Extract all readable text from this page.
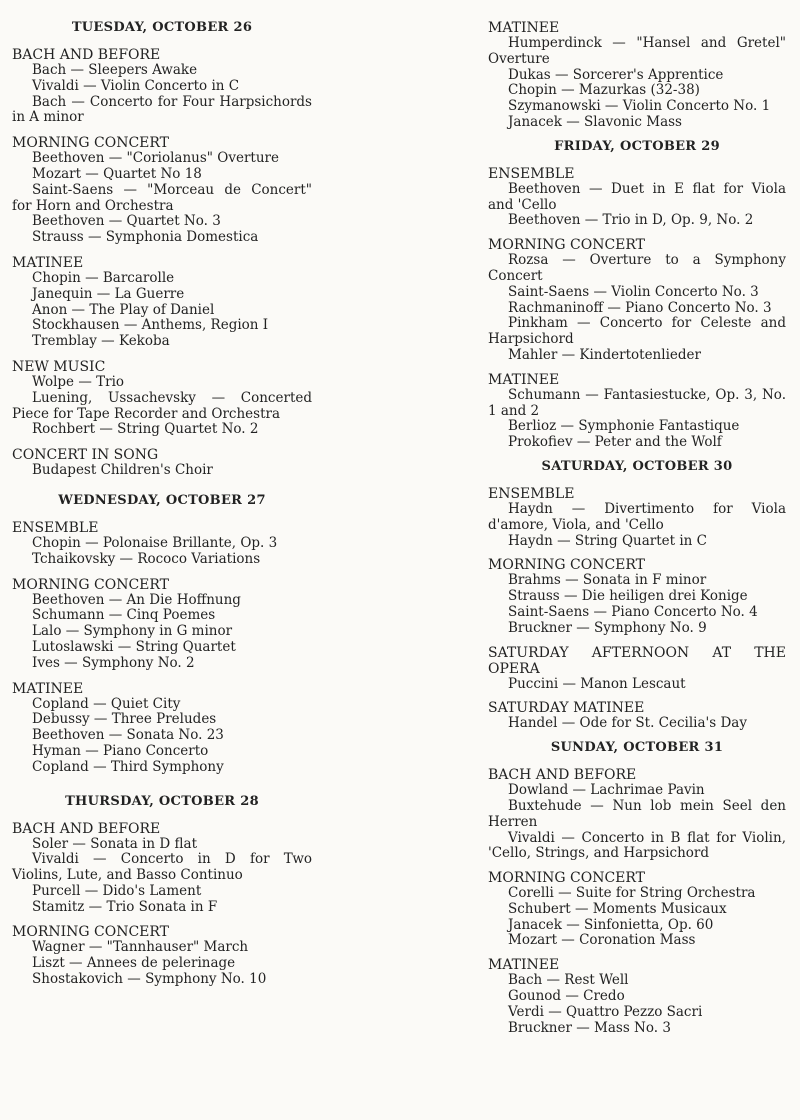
TUESDAY, OCTOBER 26
BACH AND BEFORE
Bach — Sleepers Awake
Vivaldi — Violin Concerto in C
Bach — Concerto for Four Harpsichords
in A minor
MORNING CONCERT
Beethoven — "Coriolanus" Overture
Mozart — Quartet No 18
Saint-Saens — "Morceau de Concert"
for Horn and Orchestra
Beethoven — Quartet No. 3
Strauss — Symphonia Domestica
MATINEE
Chopin — Barcarolle
Janequin — La Guerre
Anon — The Play of Daniel
Stockhausen — Anthems, Region I
Tremblay — Kekoba
NEW MUSIC
Wolpe — Trio
Luening, Ussachevsky — Concerted
Piece for Tape Recorder and Orchestra
Rochbert — String Quartet No. 2
CONCERT IN SONG
Budapest Children's Choir
WEDNESDAY, OCTOBER 27
ENSEMBLE
Chopin — Polonaise Brillante, Op. 3
Tchaikovsky — Rococo Variations
MORNING CONCERT
Beethoven — An Die Hoffnung
Schumann — Cinq Poemes
Lalo — Symphony in G minor
Lutoslawski — String Quartet
Ives — Symphony No. 2
MATINEE
Copland — Quiet City
Debussy — Three Preludes
Beethoven — Sonata No. 23
Hyman — Piano Concerto
Copland — Third Symphony
THURSDAY, OCTOBER 28
BACH AND BEFORE
Soler — Sonata in D flat
Vivaldi — Concerto in D for Two
Violins, Lute, and Basso Continuo
Purcell — Dido's Lament
Stamitz — Trio Sonata in F
MORNING CONCERT
Wagner — "Tannhauser" March
Liszt — Annees de pelerinage
Shostakovich — Symphony No. 10
MATINEE
Humperdinck — "Hansel and Gretel"
Overture
Dukas — Sorcerer's Apprentice
Chopin — Mazurkas (32-38)
Szymanowski — Violin Concerto No. 1
Janacek — Slavonic Mass
FRIDAY, OCTOBER 29
ENSEMBLE
Beethoven — Duet in E flat for Viola
and 'Cello
Beethoven — Trio in D, Op. 9, No. 2
MORNING CONCERT
Rozsa — Overture to a Symphony
Concert
Saint-Saens — Violin Concerto No. 3
Rachmaninoff — Piano Concerto No. 3
Pinkham — Concerto for Celeste and
Harpsichord
Mahler — Kindertotenlieder
MATINEE
Schumann — Fantasiestucke, Op. 3, No.
1 and 2
Berlioz — Symphonie Fantastique
Prokofiev — Peter and the Wolf
SATURDAY, OCTOBER 30
ENSEMBLE
Haydn — Divertimento for Viola
d'amore, Viola, and 'Cello
Haydn — String Quartet in C
MORNING CONCERT
Brahms — Sonata in F minor
Strauss — Die heiligen drei Konige
Saint-Saens — Piano Concerto No. 4
Bruckner — Symphony No. 9
SATURDAY AFTERNOON AT THE OPERA
Puccini — Manon Lescaut
SATURDAY MATINEE
Handel — Ode for St. Cecilia's Day
SUNDAY, OCTOBER 31
BACH AND BEFORE
Dowland — Lachrimae Pavin
Buxtehude — Nun lob mein Seel den
Herren
Vivaldi — Concerto in B flat for Violin,
'Cello, Strings, and Harpsichord
MORNING CONCERT
Corelli — Suite for String Orchestra
Schubert — Moments Musicaux
Janacek — Sinfonietta, Op. 60
Mozart — Coronation Mass
MATINEE
Bach — Rest Well
Gounod — Credo
Verdi — Quattro Pezzo Sacri
Bruckner — Mass No. 3
